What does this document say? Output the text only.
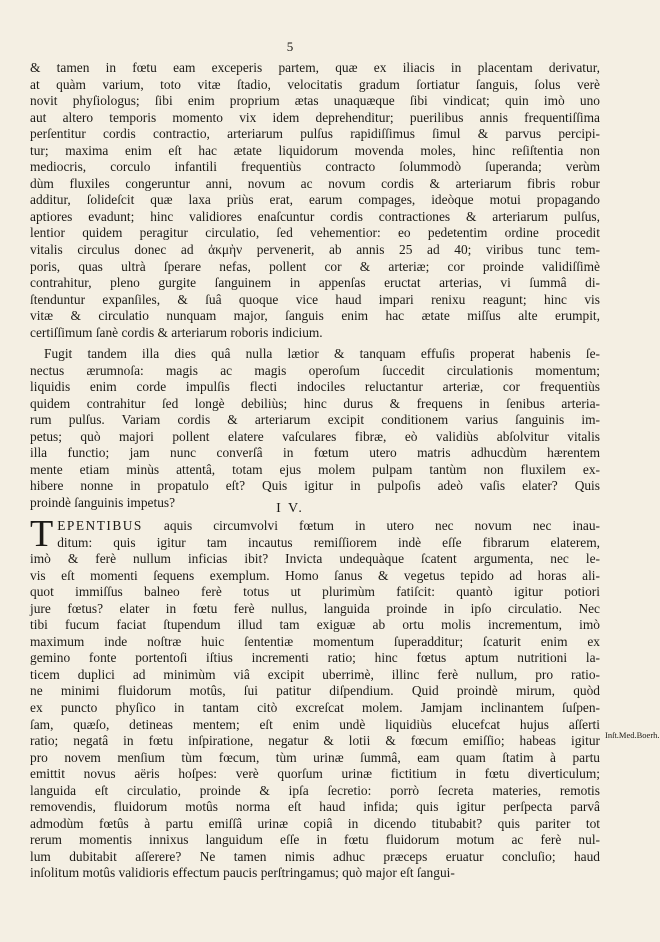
5
& tamen in fœtu eam exceperis partem, quæ ex iliacis in placentam derivatur,
at quàm varium, toto vitæ ſtadio, velocitatis gradum ſortiatur ſanguis, ſolus verè
novit phyſiologus; ſibi enim proprium ætas unaquæque ſibi vindicat; quin imò uno
aut altero temporis momento vix idem deprehenditur; puerilibus annis frequentiſſima
perſentitur cordis contractio, arteriarum pulſus rapidiſſimus ſimul & parvus percipi-
tur; maxima enim eſt hac ætate liquidorum movenda moles, hinc reſiſtentia non
mediocris, corculo infantili frequentiùs contracto ſolummodò ſuperanda; verùm
dùm fluxiles congeruntur anni, novum ac novum cordis & arteriarum fibris robur
additur, ſolideſcit quæ laxa priùs erat, earum compages, ideòque motui propagando
aptiores evadunt; hinc validiores enaſcuntur cordis contractiones & arteriarum pulſus,
lentior quidem peragitur circulatio, ſed vehementior: eo pedetentim ordine procedit
vitalis circulus donec ad ἀκμὴν pervenerit, ab annis 25 ad 40; viribus tunc tem-
poris, quas ultrà ſperare nefas, pollent cor & arteriæ; cor proinde validiſſimè
contrahitur, pleno gurgite ſanguinem in appenſas eructat arterias, vi ſummâ di-
ſtenduntur expanſiles, & ſuâ quoque vice haud impari renixu reagunt; hinc vis
vitæ & circulatio nunquam major, ſanguis enim hac ætate miſſus alte erumpit,
certiſſimum ſanè cordis & arteriarum roboris indicium.
Fugit tandem illa dies quâ nulla lætior & tanquam effuſis properat habenis ſe-
nectus ærumnoſa: magis ac magis operoſum ſuccedit circulationis momentum;
liquidis enim corde impulſis flecti indociles reluctantur arteriæ, cor frequentiùs
quidem contrahitur ſed longè debiliùs; hinc durus & frequens in ſenibus arteria-
rum pulſus. Variam cordis & arteriarum excipit conditionem varius ſanguinis im-
petus; quò majori pollent elatere vaſculares fibræ, eò validiùs abſolvitur vitalis
illa functio; jam nunc converſâ in fœtum utero matris adhucdùm hærentem
mente etiam minùs attentâ, totam ejus molem pulpam tantùm non fluxilem ex-
hibere nonne in propatulo eſt? Quis igitur in pulpoſis adeò vaſis elater? Quis
proindè ſanguinis impetus?	I V.
T EPENTIBUS aquis circumvolvi fœtum in utero nec novum nec inau-
ditum: quis igitur tam incautus remiſſiorem indè eſſe fibrarum elaterem,
imò & ferè nullum inficias ibit? Invicta undequàque ſcatent argumenta, nec le-
vis eſt momenti ſequens exemplum. Homo ſanus & vegetus tepido ad horas ali-
quot immiſſus balneo ferè totus ut plurimùm fatiſcit: quantò igitur potiori
jure fœtus? elater in fœtu ferè nullus, languida proinde in ipſo circulatio. Nec
tibi fucum faciat ſtupendum illud tam exiguæ ab ortu molis incrementum, imò
maximum inde noſtræ huic ſententiæ momentum ſuperadditur; ſcaturit enim ex
gemino fonte portentoſi iſtius incrementi ratio; hinc fœtus aptum nutritioni la-
ticem duplici ad minimùm viâ excipit uberrimè, illinc ferè nullum, pro ratio-
ne minimi fluidorum motûs, ſui patitur diſpendium. Quid proindè mirum, quòd
ex puncto phyſico in tantam citò excreſcat molem. Jamjam inclinantem ſuſpen-
ſam, quæſo, detineas mentem; eſt enim undè liquidiùs elucefcat hujus aſſerti
ratio; negatâ in fœtu inſpiratione, negatur & lotii & fœcum emiſſio; habeas igitur
pro novem menſium tùm fœcum, tùm urinæ ſummâ, eam quam ſtatim à partu
emittit novus aëris hoſpes: verè quorſum urinæ fictitium in fœtu diverticulum;
languida eſt circulatio, proinde & ipſa ſecretio: porrò ſecreta materies, remotis
removendis, fluidorum motûs norma eſt haud infida; quis igitur perſpecta parvâ
admodùm fœtûs à partu emiſſâ urinæ copiâ in dicendo titubabit? quis pariter tot
rerum momentis innixus languidum eſſe in fœtu fluidorum motum ac ferè nul-
lum dubitabit aſſerere? Ne tamen nimis adhuc præceps eruatur concluſio; haud
inſolitum motûs validioris effectum paucis perſtringamus; quò major eſt ſangui-
Inſt.Med.Boerh.
